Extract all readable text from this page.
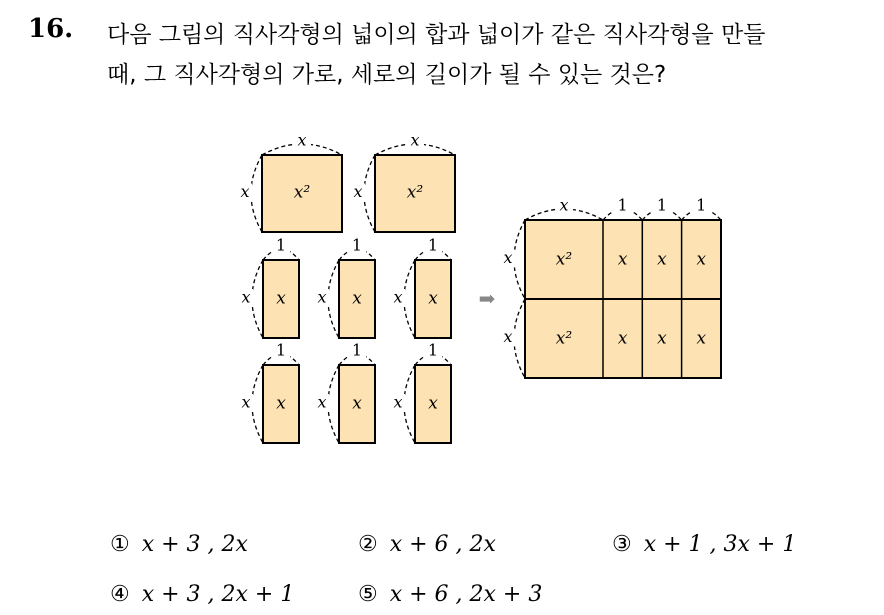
16. 다음 그림의 직사각형의 넓이의 합과 넓이가 같은 직사각형을 만들
때, 그 직사각형의 가로, 세로의 길이가 될 수 있는 것은?
x²
x
x	x²
x
x
x
1
x	x
1
x	x
1
x
x
1
x	x
1
x	x
1
x
➡
x²	x x x
x²	x x x
x	1 1 1
x
x
① x + 3 , 2x	② x + 6 , 2x	③ x + 1 , 3x + 1
④ x + 3 , 2x + 1	⑤ x + 6 , 2x + 3
